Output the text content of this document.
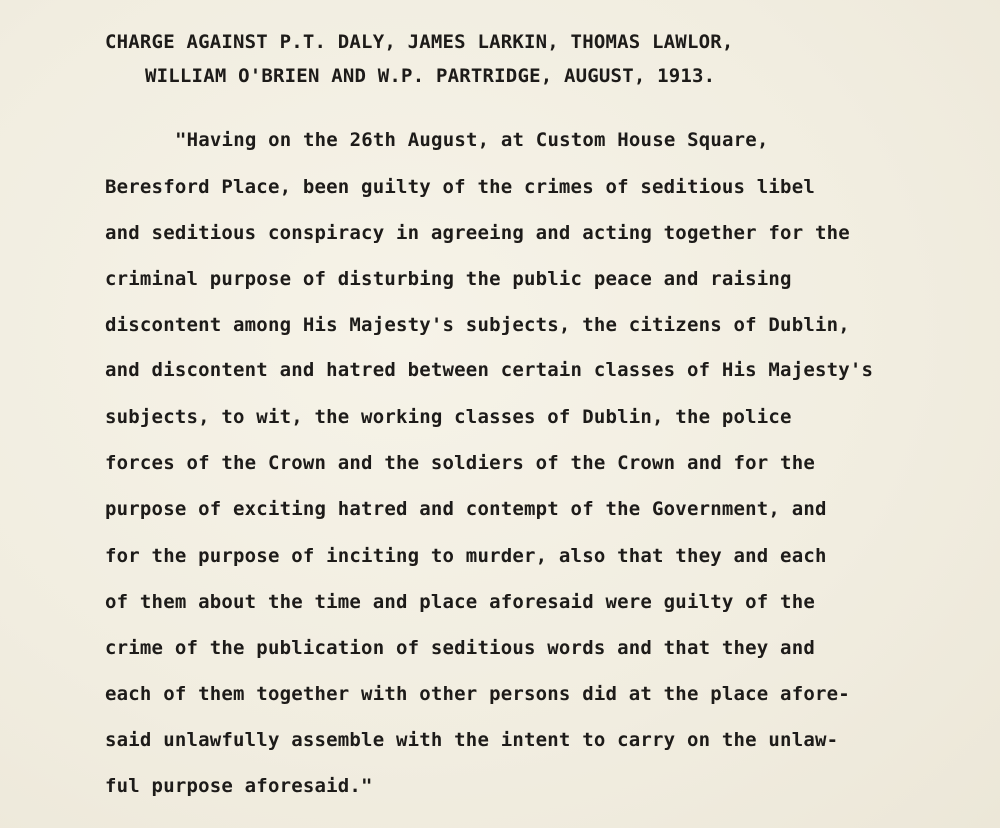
CHARGE AGAINST P.T. DALY, JAMES LARKIN, THOMAS LAWLOR,
WILLIAM O'BRIEN AND W.P. PARTRIDGE, AUGUST, 1913.
"Having on the 26th August, at Custom House Square,
Beresford Place, been guilty of the crimes of seditious libel
and seditious conspiracy in agreeing and acting together for the
criminal purpose of disturbing the public peace and raising
discontent among His Majesty's subjects, the citizens of Dublin,
and discontent and hatred between certain classes of His Majesty's
subjects, to wit, the working classes of Dublin, the police
forces of the Crown and the soldiers of the Crown and for the
purpose of exciting hatred and contempt of the Government, and
for the purpose of inciting to murder, also that they and each
of them about the time and place aforesaid were guilty of the
crime of the publication of seditious words and that they and
each of them together with other persons did at the place afore-
said unlawfully assemble with the intent to carry on the unlaw-
ful purpose aforesaid."
